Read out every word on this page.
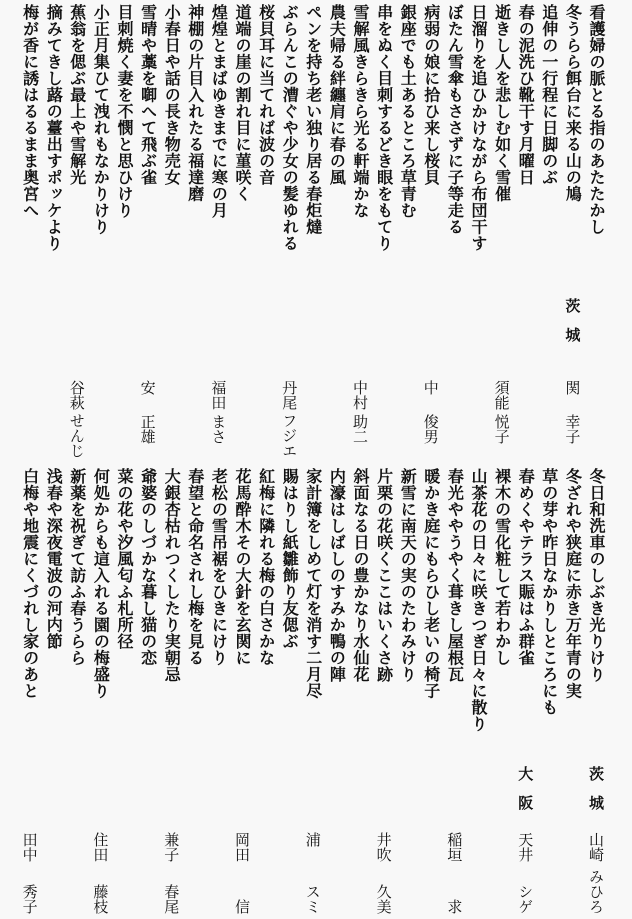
看護婦の脈とる指のあたたかし
冬うらら餌台に来る山の鳩
追伸の一行程に日脚のぶ
春の泥洗ひ靴干す月曜日
逝きし人を悲しむ如く雪催
日溜りを追ひかけながら布団干す
ぼたん雪傘もささずに子等走る
病弱の娘に拾ひ来し桜貝
銀座でも土あるところ草青む
串をぬく目刺するどき眼をもてり
雪解風きらきら光る軒端かな
農夫帰る絆纏肩に春の風
ペンを持ち老い独り居る春炬燵
ぶらんこの漕ぐや少女の髪ゆれる
桜貝耳に当てれば波の音
道端の崖の割れ目に菫咲く
煌煌とまばゆきまでに寒の月
神棚の片目入れたる福達磨
小春日や話の長き物売女
雪晴や藁を啣へて飛ぶ雀
目刺焼く妻を不憫と思ひけり
小正月集ひて洩れもなかりけり
蕉翁を偲ぶ最上や雪解光
摘みてきし蕗の薹出すポッケより
梅が香に誘はるるまま奥宮へ
茨城
関
幸子
須能
悦子
中
俊男
中村
助二
丹尾
フジエ
福田
まさ
安
正雄
谷萩
せんじ
冬日和洗車のしぶき光りけり
冬ざれや狭庭に赤き万年青の実
草の芽や昨日なかりしところにも
春めくやテラス賑はふ群雀
裸木の雪化粧して若わかし
山茶花の日々に咲きつぎ日々に散り
春光ややうやく葺きし屋根瓦
暖かき庭にもらひし老いの椅子
新雪に南天の実のたわみけり
片栗の花咲くここはいくさ跡
斜面なる日の豊かなり水仙花
内濠はしばしのすみか鴨の陣
家計簿をしめて灯を消す二月尽
賜はりし紙雛飾り友偲ぶ
紅梅に隣れる梅の白さかな
花馬酔木その大針を玄関に
老松の雪吊裾をひきにけり
春望と命名されし梅を見る
大銀杏枯れつくしたり実朝忌
爺婆のしづかな暮し猫の恋
菜の花や汐風匂ふ札所径
何処からも這入れる園の梅盛り
新薬を祝ぎて訪ふ春うらら
浅春や深夜電波の河内節
白梅や地震にくづれし家のあと
茨城
山崎
みひろ
大阪
天井
シゲ
稲垣
求
井吹
久美
浦
スミ
岡田
信
兼子
春尾
住田
藤枝
田中
秀子
